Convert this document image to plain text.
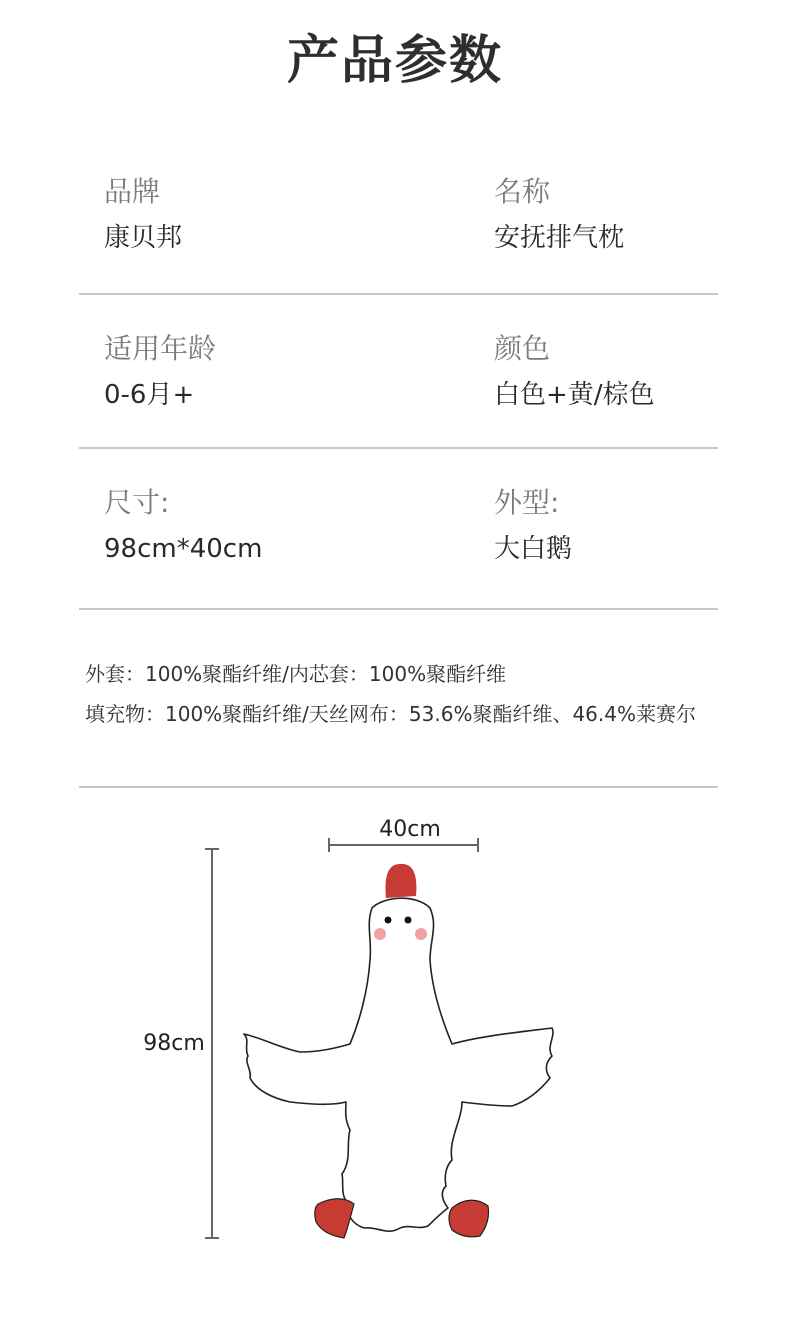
产品参数
品牌
康贝邦
名称
安抚排气枕
适用年龄
0-6月+
颜色
白色+黄/棕色
尺寸:
98cm*40cm
外型:
大白鹅
外套：100%聚酯纤维/内芯套：100%聚酯纤维
填充物：100%聚酯纤维/天丝网布：53.6%聚酯纤维、46.4%莱赛尔
40cm
98cm
